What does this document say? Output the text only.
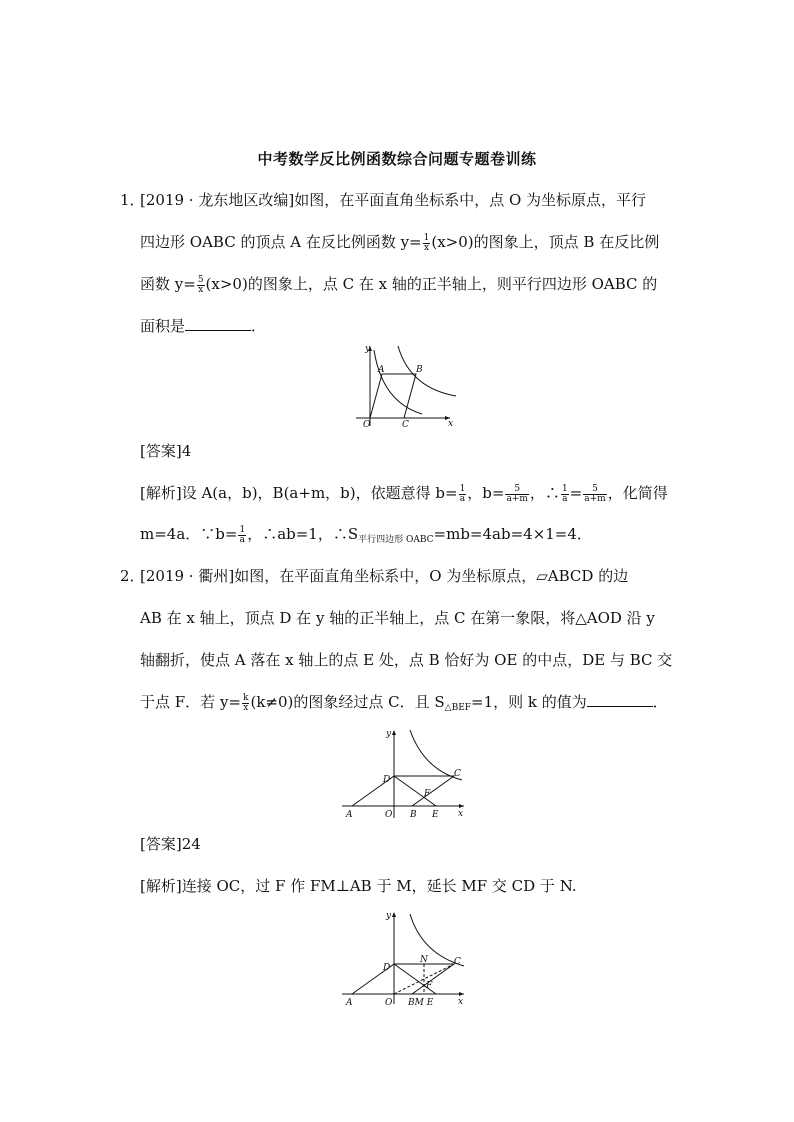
中考数学反比例函数综合问题专题卷训练
1．[2019 · 龙东地区改编]如图，在平面直角坐标系中，点 O 为坐标原点，平行
四边形 OABC 的顶点 A 在反比例函数 $y= \frac{1}{x} (x>0)$的图象上，顶点 B 在反比例
函数 $y= \frac{5}{x} (x>0)$的图象上，点 C 在 x 轴的正半轴上，则平行四边形 OABC 的
面积是	．
y
x
O
A	B
C
[答案]4
[解析]设 A(a，b)，B(a+m，b)，依题意得 $b= \frac{1}{a}$ ，$b= \frac{5}{a+m}$ ，∴ $\frac{1}{a} = \frac{5}{a+m}$ ，化简得
m=4a．∵b= $\frac{1}{a}$ ，∴ab=1，$\therefore S_{平行四边形 OABC}=mb=4ab=4\times 1=4$．
2．[2019 · 衢州]如图，在平面直角坐标系中，O 为坐标原点，▱ABCD 的边
AB 在 x 轴上，顶点 D 在 y 轴的正半轴上，点 C 在第一象限，将△AOD 沿 y
轴翻折，使点 A 落在 x 轴上的点 E 处，点 B 恰好为 OE 的中点，DE 与 BC 交
于点 F．若 $y= \frac{k}{x} (k\ne 0)$的图象经过点 C．且 $S_{\triangle BEF}=1$，则 k 的值为	．
y
x
D
C
F
A	O B E
[答案]24
[解析]连接 OC，过 F 作 FM⊥AB 于 M，延长 MF 交 CD 于 N.
y
x
D
N	C
F
A	O BM E
